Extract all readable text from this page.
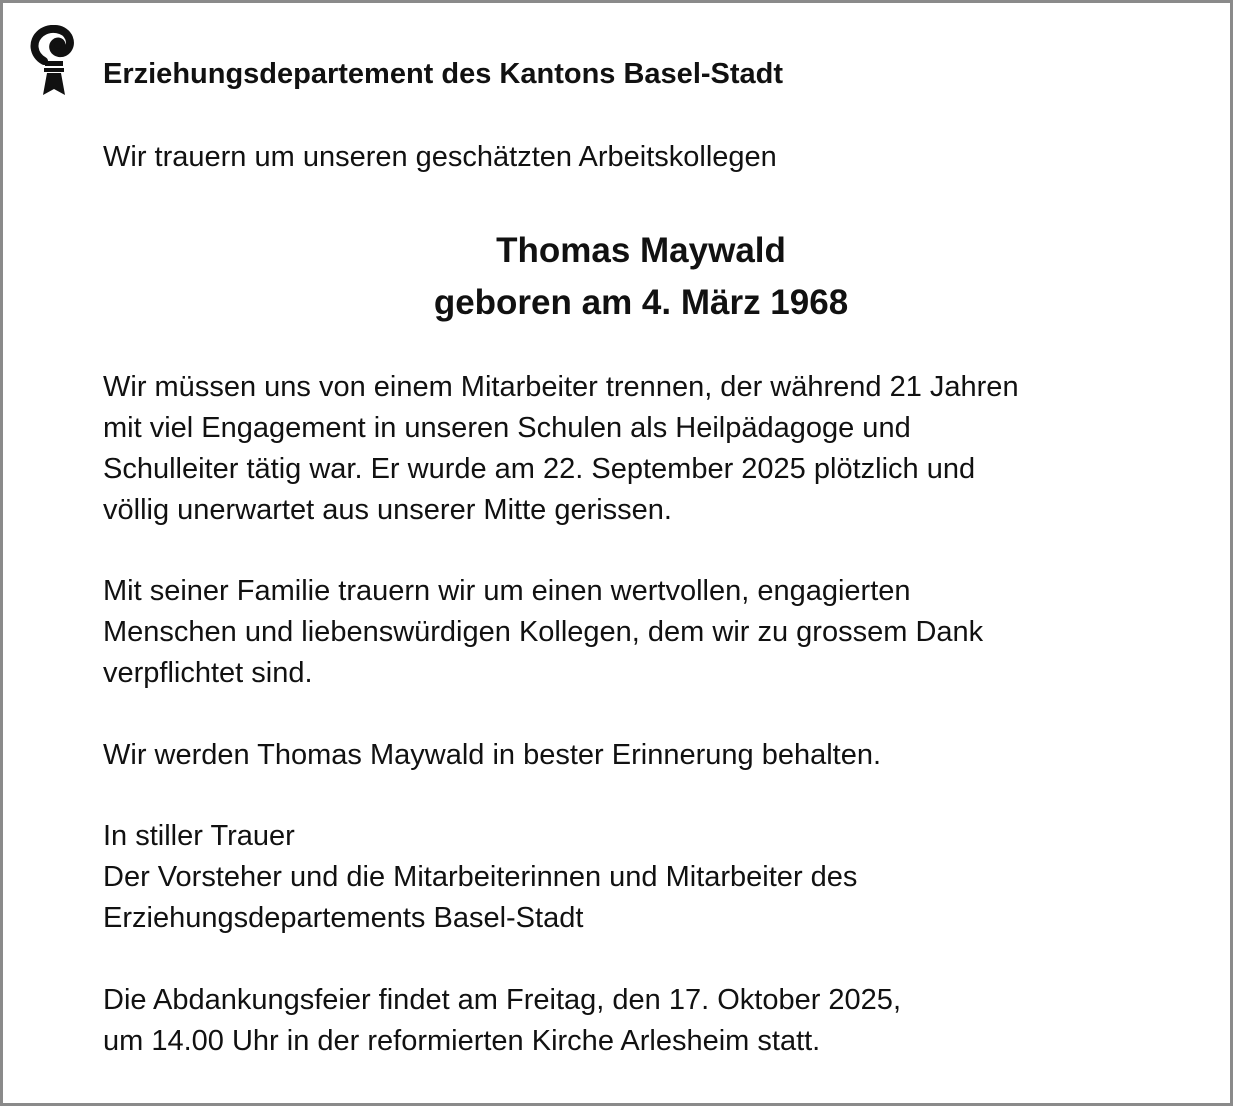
Erziehungsdepartement des Kantons Basel-Stadt
Wir trauern um unseren geschätzten Arbeitskollegen
Thomas Maywald
geboren am 4. März 1968
Wir müssen uns von einem Mitarbeiter trennen, der während 21 Jahren
mit viel Engagement in unseren Schulen als Heilpädagoge und
Schulleiter tätig war. Er wurde am 22. September 2025 plötzlich und
völlig unerwartet aus unserer Mitte gerissen.
Mit seiner Familie trauern wir um einen wertvollen, engagierten
Menschen und liebenswürdigen Kollegen, dem wir zu grossem Dank
verpflichtet sind.
Wir werden Thomas Maywald in bester Erinnerung behalten.
In stiller Trauer
Der Vorsteher und die Mitarbeiterinnen und Mitarbeiter des
Erziehungsdepartements Basel-Stadt
Die Abdankungsfeier findet am Freitag, den 17. Oktober 2025,
um 14.00 Uhr in der reformierten Kirche Arlesheim statt.
